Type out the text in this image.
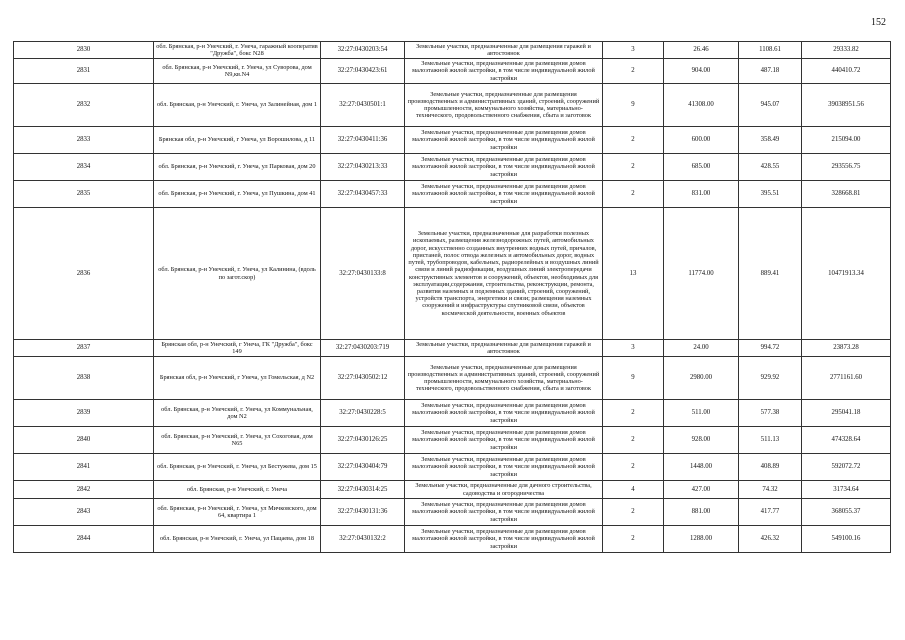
152
2830	обл. Брянская, р-н Унечский, г. Унеча, гаражный кооператив "Дружба", бокс N28	32:27:0430203:54	Земельные участки, предназначенные для размещения гаражей и автостоянок	3	26.46	1108.61	29333.82
2831	обл. Брянская, р-н Унечский, г. Унеча, ул Суворова, дом N9,кв.N4	32:27:0430423:61	Земельные участки, предназначенные для размещения домов малоэтажной жилой застройки, в том числе индивидуальной жилой застройки	2	904.00	487.18	440410.72
2832	обл. Брянская, р-н Унечский, г. Унеча, ул Залинейная, дом 1	32:27:0430501:1	Земельные участки, предназначенные для размещения производственных и административных зданий, строений, сооружений промышленности, коммунального хозяйства, материально-технического, продовольственного снабжения, сбыта и заготовок	9	41308.00	945.07	39038951.56
2833	Брянская обл, р-н Унечский, г Унеча, ул Ворошилова, д 11	32:27:0430411:36	Земельные участки, предназначенные для размещения домов малоэтажной жилой застройки, в том числе индивидуальной жилой застройки	2	600.00	358.49	215094.00
2834	обл. Брянская, р-н Унечский, г. Унеча, ул Парковая, дом 20	32:27:0430213:33	Земельные участки, предназначенные для размещения домов малоэтажной жилой застройки, в том числе индивидуальной жилой застройки	2	685.00	428.55	293556.75
2835	обл. Брянская, р-н Унечский, г. Унеча, ул Пушкина, дом 41	32:27:0430457:33	Земельные участки, предназначенные для размещения домов малоэтажной жилой застройки, в том числе индивидуальной жилой застройки	2	831.00	395.51	328668.81
2836	обл. Брянская, р-н Унечский, г. Унеча, ул Калинина, (вдоль по загот.скор)	32:27:0430133:8	Земельные участки, предназначенные для разработки полезных ископаемых, размещения железнодорожных путей, автомобильных дорог, искусственно созданных внутренних водных путей, причалов, пристаней, полос отвода железных и автомобильных дорог, водных путей, трубопроводов, кабельных, радиорелейных и воздушных линий связи и линий радиофикации, воздушных линий электропередачи конструктивных элементов и сооружений, объектов, необходимых для эксплуатации,содержания, строительства, реконструкции, ремонта, развития наземных и подземных зданий, строений, сооружений, устройств транспорта, энергетики и связи; размещения наземных сооружений и инфраструктуры спутниковой связи, объектов космической деятельности, военных объектов	13	11774.00	889.41	10471913.34
2837	Брянская обл, р-н Унечский, г Унеча, ГК "Дружба", бокс 149	32:27:0430203:719	Земельные участки, предназначенные для размещения гаражей и автостоянок	3	24.00	994.72	23873.28
2838	Брянская обл, р-н Унечский, г Унеча, ул Гомельская, д N2	32:27:0430502:12	Земельные участки, предназначенные для размещения производственных и административных зданий, строений, сооружений промышленности, коммунального хозяйства, материально-технического, продовольственного снабжения, сбыта и заготовок	9	2980.00	929.92	2771161.60
2839	обл. Брянская, р-н Унечский, г. Унеча, ул Коммунальная, дом N2	32:27:0430228:5	Земельные участки, предназначенные для размещения домов малоэтажной жилой застройки, в том числе индивидуальной жилой застройки	2	511.00	577.38	295041.18
2840	обл. Брянская, р-н Унечский, г. Унеча, ул Сохоговая, дом N65	32:27:0430126:25	Земельные участки, предназначенные для размещения домов малоэтажной жилой застройки, в том числе индивидуальной жилой застройки	2	928.00	511.13	474328.64
2841	обл. Брянская, р-н Унечский, г. Унеча, ул Бестужева, дом 15	32:27:0430404:79	Земельные участки, предназначенные для размещения домов малоэтажной жилой застройки, в том числе индивидуальной жилой застройки	2	1448.00	408.89	592072.72
2842	обл. Брянская, р-н Унечский, г. Унеча	32:27:0430314:25	Земельные участки, предназначенные для дачного строительства, садоводства и огородничества	4	427.00	74.32	31734.64
2843	обл. Брянская, р-н Унечский, г. Унеча, ул Мичковского, дом 64, квартира 1	32:27:0430131:36	Земельные участки, предназначенные для размещения домов малоэтажной жилой застройки, в том числе индивидуальной жилой застройки	2	881.00	417.77	368055.37
2844	обл. Брянская, р-н Унечский, г. Унеча, ул Пацаева, дом 18	32:27:0430132:2	Земельные участки, предназначенные для размещения домов малоэтажной жилой застройки, в том числе индивидуальной жилой застройки	2	1288.00	426.32	549100.16
